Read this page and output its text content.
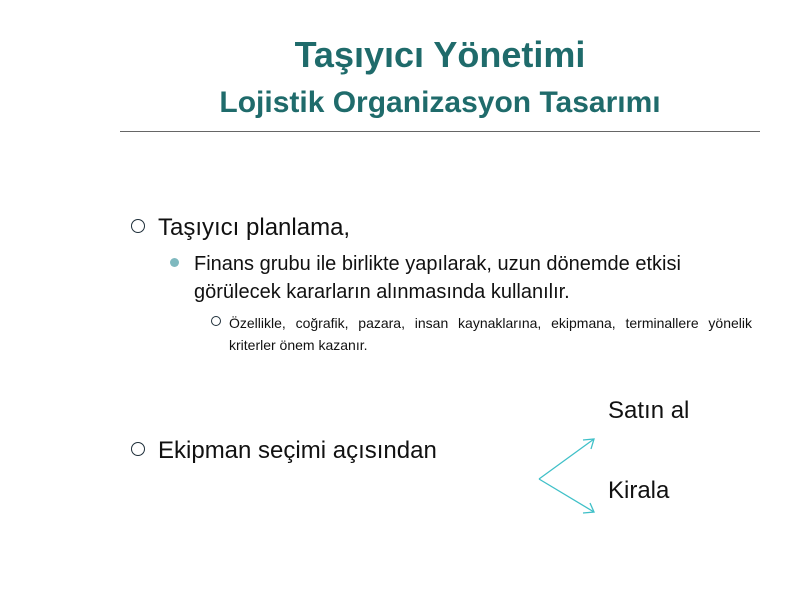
Taşıyıcı Yönetimi
Lojistik Organizasyon Tasarımı
Taşıyıcı planlama,
Finans grubu ile birlikte yapılarak, uzun dönemde etkisi görülecek kararların alınmasında kullanılır.
Özellikle, coğrafik, pazara, insan kaynaklarına, ekipmana, terminallere yönelik kriterler önem kazanır.
Ekipman seçimi açısından
Satın al
Kirala
